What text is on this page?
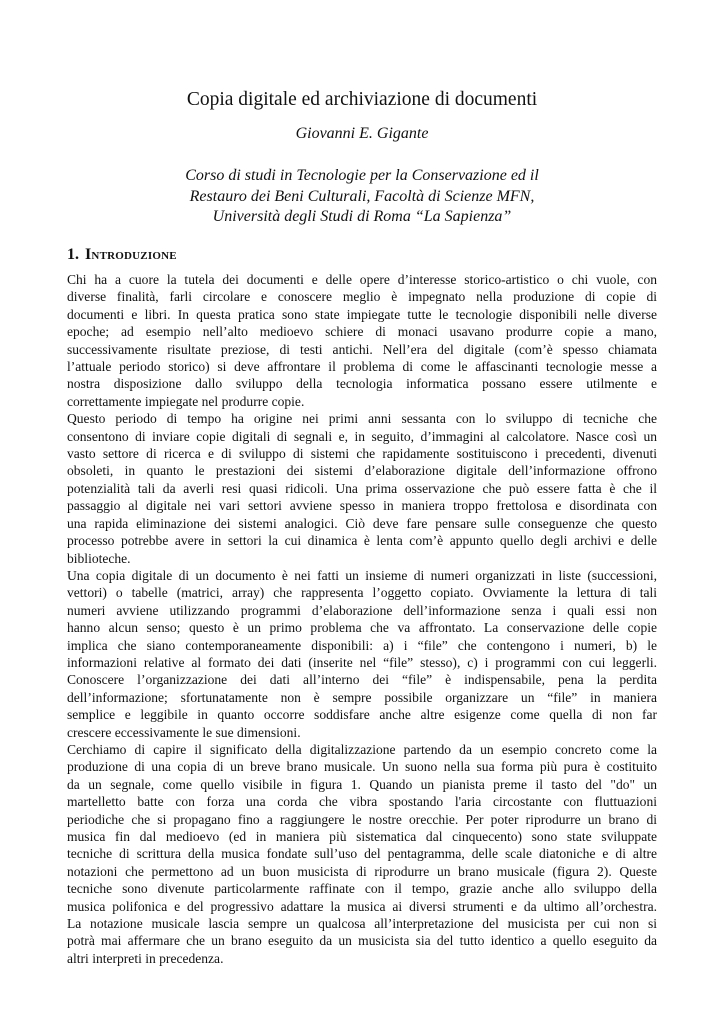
Copia digitale ed archiviazione di documenti
Giovanni E. Gigante
Corso di studi in Tecnologie per la Conservazione ed il
Restauro dei Beni Culturali, Facoltà di Scienze MFN,
Università degli Studi di Roma “La Sapienza”
1. Introduzione
Chi ha a cuore la tutela dei documenti e delle opere d’interesse storico-artistico o chi vuole, con
diverse finalità, farli circolare e conoscere meglio è impegnato nella produzione di copie di
documenti e libri. In questa pratica sono state impiegate tutte le tecnologie disponibili nelle diverse
epoche; ad esempio nell’alto medioevo schiere di monaci usavano produrre copie a mano,
successivamente risultate preziose, di testi antichi. Nell’era del digitale (com’è spesso chiamata
l’attuale periodo storico) si deve affrontare il problema di come le affascinanti tecnologie messe a
nostra disposizione dallo sviluppo della tecnologia informatica possano essere utilmente e
correttamente impiegate nel produrre copie.
Questo periodo di tempo ha origine nei primi anni sessanta con lo sviluppo di tecniche che
consentono di inviare copie digitali di segnali e, in seguito, d’immagini al calcolatore. Nasce così un
vasto settore di ricerca e di sviluppo di sistemi che rapidamente sostituiscono i precedenti, divenuti
obsoleti, in quanto le prestazioni dei sistemi d’elaborazione digitale dell’informazione offrono
potenzialità tali da averli resi quasi ridicoli. Una prima osservazione che può essere fatta è che il
passaggio al digitale nei vari settori avviene spesso in maniera troppo frettolosa e disordinata con
una rapida eliminazione dei sistemi analogici. Ciò deve fare pensare sulle conseguenze che questo
processo potrebbe avere in settori la cui dinamica è lenta com’è appunto quello degli archivi e delle
biblioteche.
Una copia digitale di un documento è nei fatti un insieme di numeri organizzati in liste (successioni,
vettori) o tabelle (matrici, array) che rappresenta l’oggetto copiato. Ovviamente la lettura di tali
numeri avviene utilizzando programmi d’elaborazione dell’informazione senza i quali essi non
hanno alcun senso; questo è un primo problema che va affrontato. La conservazione delle copie
implica che siano contemporaneamente disponibili: a) i “file” che contengono i numeri, b) le
informazioni relative al formato dei dati (inserite nel “file” stesso), c) i programmi con cui leggerli.
Conoscere l’organizzazione dei dati all’interno dei “file” è indispensabile, pena la perdita
dell’informazione; sfortunatamente non è sempre possibile organizzare un “file” in maniera
semplice e leggibile in quanto occorre soddisfare anche altre esigenze come quella di non far
crescere eccessivamente le sue dimensioni.
Cerchiamo di capire il significato della digitalizzazione partendo da un esempio concreto come la
produzione di una copia di un breve brano musicale. Un suono nella sua forma più pura è costituito
da un segnale, come quello visibile in figura 1. Quando un pianista preme il tasto del "do" un
martelletto batte con forza una corda che vibra spostando l'aria circostante con fluttuazioni
periodiche che si propagano fino a raggiungere le nostre orecchie. Per poter riprodurre un brano di
musica fin dal medioevo (ed in maniera più sistematica dal cinquecento) sono state sviluppate
tecniche di scrittura della musica fondate sull’uso del pentagramma, delle scale diatoniche e di altre
notazioni che permettono ad un buon musicista di riprodurre un brano musicale (figura 2). Queste
tecniche sono divenute particolarmente raffinate con il tempo, grazie anche allo sviluppo della
musica polifonica e del progressivo adattare la musica ai diversi strumenti e da ultimo all’orchestra.
La notazione musicale lascia sempre un qualcosa all’interpretazione del musicista per cui non si
potrà mai affermare che un brano eseguito da un musicista sia del tutto identico a quello eseguito da
altri interpreti in precedenza.
